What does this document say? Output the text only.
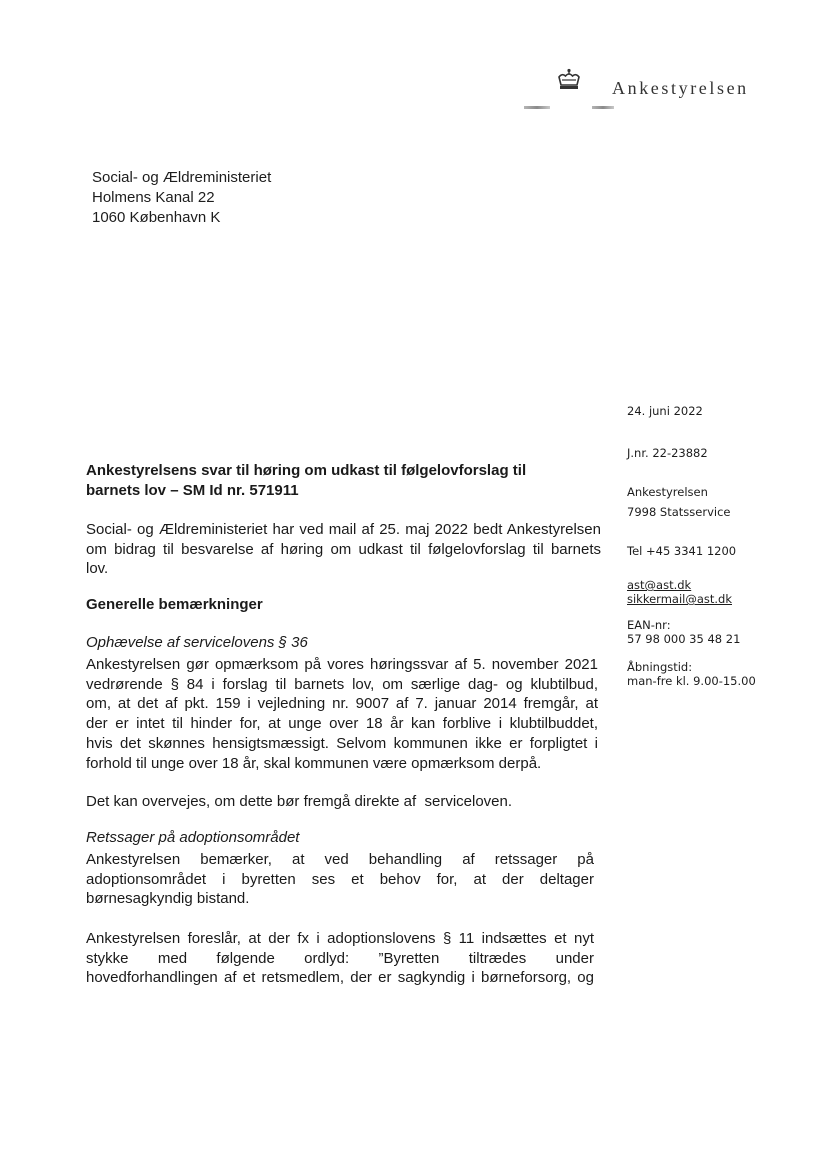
Ankestyrelsen
Social- og Ældreministeriet
Holmens Kanal 22
1060 København K
24. juni 2022
J.nr. 22-23882
Ankestyrelsen
7998 Statsservice
Tel +45 3341 1200
ast@ast.dk
sikkermail@ast.dk
EAN-nr:
57 98 000 35 48 21
Åbningstid:
man-fre kl. 9.00-15.00
Ankestyrelsens svar til høring om udkast til følgelovforslag til
barnets lov – SM Id nr. 571911
Social- og Ældreministeriet har ved mail af 25. maj 2022 bedt Ankestyrelsen
om bidrag til besvarelse af høring om udkast til følgelovforslag til barnets
lov.
Generelle bemærkninger
Ophævelse af servicelovens § 36
Ankestyrelsen gør opmærksom på vores høringssvar af 5. november 2021
vedrørende § 84 i forslag til barnets lov, om særlige dag- og klubtilbud,
om, at det af pkt. 159 i vejledning nr. 9007 af 7. januar 2014 fremgår, at
der er intet til hinder for, at unge over 18 år kan forblive i klubtilbuddet,
hvis det skønnes hensigtsmæssigt. Selvom kommunen ikke er forpligtet i
forhold til unge over 18 år, skal kommunen være opmærksom derpå.
Det kan overvejes, om dette bør fremgå direkte af  serviceloven.
Retssager på adoptionsområdet
Ankestyrelsen bemærker, at ved behandling af retssager på
adoptionsområdet i byretten ses et behov for, at der deltager
børnesagkyndig bistand.
Ankestyrelsen foreslår, at der fx i adoptionslovens § 11 indsættes et nyt
stykke med følgende ordlyd: ”Byretten tiltrædes under
hovedforhandlingen af et retsmedlem, der er sagkyndig i børneforsorg, og
